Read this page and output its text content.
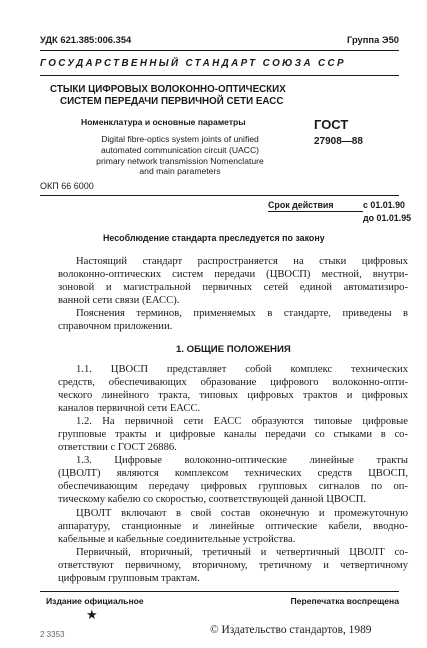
УДК 621.385:006.354	Группа Э50
ГОСУДАРСТВЕННЫЙ СТАНДАРТ СОЮЗА ССР
СТЫКИ ЦИФРОВЫХ ВОЛОКОННО-ОПТИЧЕСКИХ
СИСТЕМ ПЕРЕДАЧИ ПЕРВИЧНОЙ СЕТИ ЕАСС
Номенклатура и основные параметры
Digital fibre-optics system joints of unified
automated communication circuit (UACC)
primary network transmission Nomenclature
and main parameters
ГОСТ
27908—88
ОКП 66 6000
Срок действия	с 01.01.90
до 01.01.95
Несоблюдение стандарта преследуется по закону
Настоящий стандарт распространяется на стыки цифровых
волоконно-оптических систем передачи (ЦВОСП) местной, внутри-
зоновой и магистральной первичных сетей единой автоматизиро-
ванной сети связи (ЕАСС).
Пояснения терминов, применяемых в стандарте, приведены в
справочном приложении.
1. ОБЩИЕ ПОЛОЖЕНИЯ
1.1. ЦВОСП представляет собой комплекс технических
средств, обеспечивающих образование цифрового волоконно-опти-
ческого линейного тракта, типовых цифровых трактов и цифровых
каналов первичной сети ЕАСС.
1.2. На первичной сети ЕАСС образуются типовые цифровые
групповые тракты и цифровые каналы передачи со стыками в со-
ответствии с ГОСТ 26886.
1.3. Цифровые волоконно-оптические линейные тракты
(ЦВОЛТ) являются комплексом технических средств ЦВОСП,
обеспечивающим передачу цифровых групповых сигналов по оп-
тическому кабелю со скоростью, соответствующей данной ЦВОСП.
ЦВОЛТ включают в свой состав оконечную и промежуточную
аппаратуру, станционные и линейные оптические кабели, вводно-
кабельные и кабельные соединительные устройства.
Первичный, вторичный, третичный и четвертичный ЦВОЛТ со-
ответствуют первичному, вторичному, третичному и четвертичному
цифровым групповым трактам.
Издание официальное	Перепечатка воспрещена
★
© Издательство стандартов, 1989
2 3353
